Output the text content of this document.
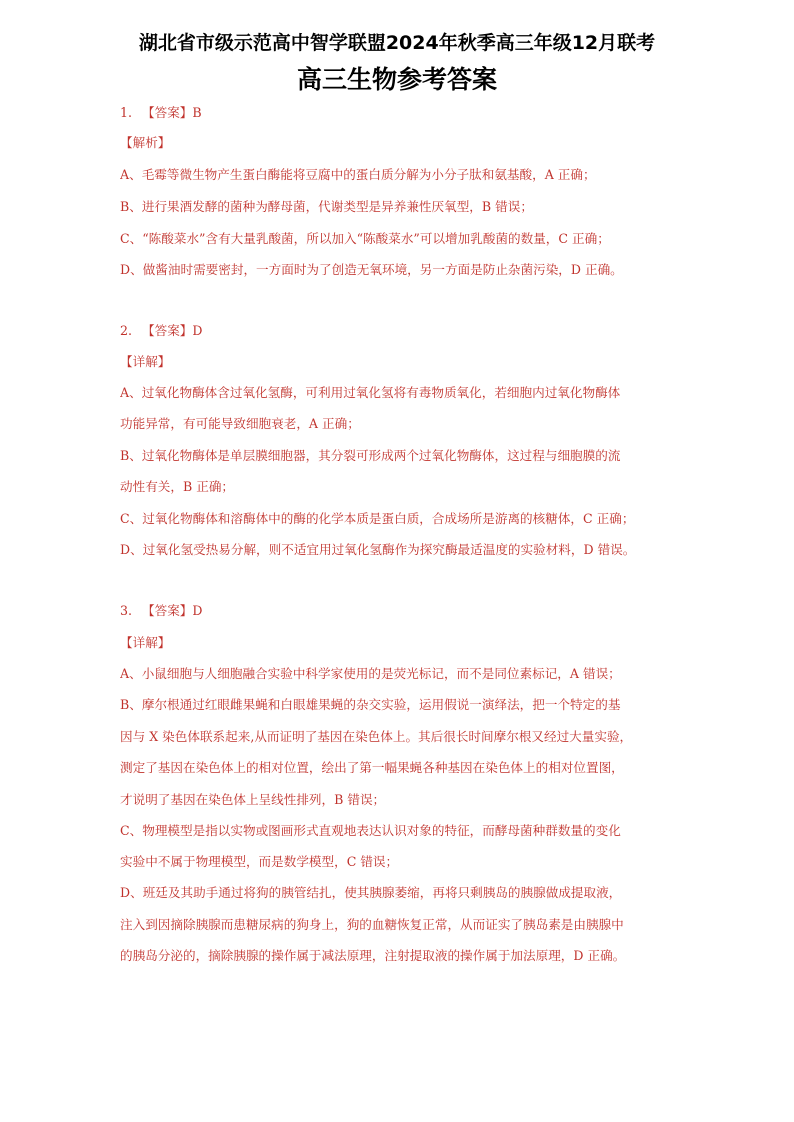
湖北省市级示范高中智学联盟2024年秋季高三年级12月联考
高三生物参考答案
1. 【答案】B
【解析】
A、毛霉等微生物产生蛋白酶能将豆腐中的蛋白质分解为小分子肽和氨基酸，A 正确；
B、进行果酒发酵的菌种为酵母菌，代谢类型是异养兼性厌氧型，B 错误；
C、“陈酸菜水”含有大量乳酸菌，所以加入“陈酸菜水”可以增加乳酸菌的数量，C 正确；
D、做酱油时需要密封，一方面时为了创造无氧环境，另一方面是防止杂菌污染，D 正确。
2. 【答案】D
【详解】
A、过氧化物酶体含过氧化氢酶，可利用过氧化氢将有毒物质氧化，若细胞内过氧化物酶体
功能异常，有可能导致细胞衰老，A 正确；
B、过氧化物酶体是单层膜细胞器，其分裂可形成两个过氧化物酶体，这过程与细胞膜的流
动性有关，B 正确；
C、过氧化物酶体和溶酶体中的酶的化学本质是蛋白质，合成场所是游离的核糖体，C 正确；
D、过氧化氢受热易分解，则不适宜用过氧化氢酶作为探究酶最适温度的实验材料，D 错误。
3. 【答案】D
【详解】
A、小鼠细胞与人细胞融合实验中科学家使用的是荧光标记，而不是同位素标记，A 错误；
B、摩尔根通过红眼雌果蝇和白眼雄果蝇的杂交实验，运用假说一演绎法，把一个特定的基
因与 X 染色体联系起来,从而证明了基因在染色体上。其后很长时间摩尔根又经过大量实验，
测定了基因在染色体上的相对位置，绘出了第一幅果蝇各种基因在染色体上的相对位置图，
才说明了基因在染色体上呈线性排列，B 错误；
C、物理模型是指以实物或图画形式直观地表达认识对象的特征，而酵母菌种群数量的变化
实验中不属于物理模型，而是数学模型，C 错误；
D、班廷及其助手通过将狗的胰管结扎，使其胰腺萎缩，再将只剩胰岛的胰腺做成提取液，
注入到因摘除胰腺而患糖尿病的狗身上，狗的血糖恢复正常，从而证实了胰岛素是由胰腺中
的胰岛分泌的，摘除胰腺的操作属于减法原理，注射提取液的操作属于加法原理，D 正确。
